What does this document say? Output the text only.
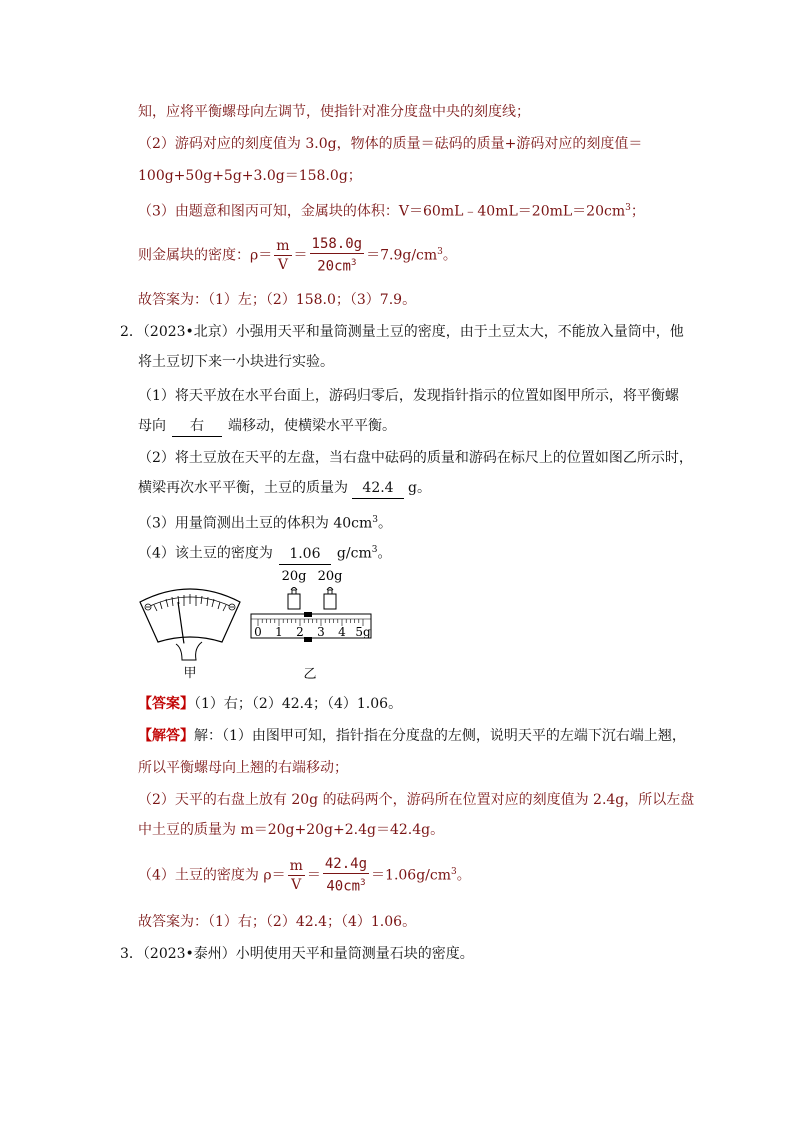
知，应将平衡螺母向左调节，使指针对准分度盘中央的刻度线；
（2）游码对应的刻度值为 3.0g，物体的质量＝砝码的质量+游码对应的刻度值＝
100g+50g+5g+3.0g＝158.0g；
（3）由题意和图丙可知，金属块的体积：$V=60mL﹣40mL=20mL=20cm^3$；
则金属块的密度：$\rho= \frac{m}{V} = \frac{158.0g}{20cm^3} =7.9g/cm^3$。
故答案为：（1）左；（2）158.0；（3）7.9。
2．（2023•北京）小强用天平和量筒测量土豆的密度，由于土豆太大，不能放入量筒中，他
将土豆切下来一小块进行实验。
（1）将天平放在水平台面上，游码归零后，发现指针指示的位置如图甲所示，将平衡螺
母向 右 端移动，使横梁水平平衡。
（2）将土豆放在天平的左盘，当右盘中砝码的质量和游码在标尺上的位置如图乙所示时，
横梁再次水平平衡，土豆的质量为 42.4 g。
（3）用量筒测出土豆的体积为 $40cm^3$。
（4）该土豆的密度为 1.06 $g/cm^3$。
甲
20g 20g
0 1 2 3 4 5g
乙
【答案】（1）右；（2）42.4；（4）1.06。
【解答】解：（1）由图甲可知，指针指在分度盘的左侧，说明天平的左端下沉右端上翘，
所以平衡螺母向上翘的右端移动；
（2）天平的右盘上放有 20g 的砝码两个，游码所在位置对应的刻度值为 2.4g，所以左盘
中土豆的质量为 m＝20g+20g+2.4g＝42.4g。
（4）土豆的密度为 $\rho= \frac{m}{V} = \frac{42.4g}{40cm^3} =1.06g/cm^3$。
故答案为：（1）右；（2）42.4；（4）1.06。
3．（2023•泰州）小明使用天平和量筒测量石块的密度。
